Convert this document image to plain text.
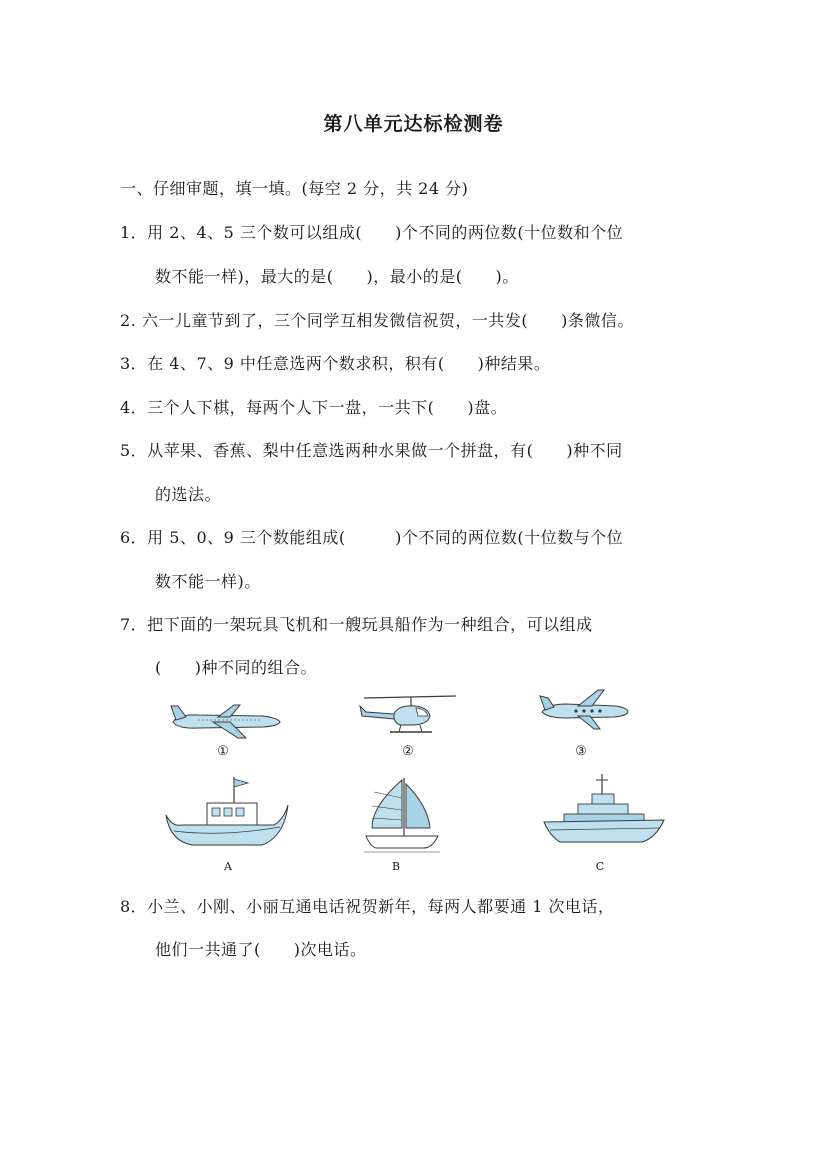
第八单元达标检测卷
一、仔细审题，填一填。(每空 2 分，共 24 分)
1．用 2、4、5 三个数可以组成(　　)个不同的两位数(十位数和个位
数不能一样)，最大的是(　　)，最小的是(　　)。
2. 六一儿童节到了，三个同学互相发微信祝贺，一共发(　　)条微信。
3．在 4、7、9 中任意选两个数求积，积有(　　)种结果。
4．三个人下棋，每两个人下一盘，一共下(　　)盘。
5．从苹果、香蕉、梨中任意选两种水果做一个拼盘，有(　　)种不同
的选法。
6．用 5、0、9 三个数能组成(　　　)个不同的两位数(十位数与个位
数不能一样)。
7．把下面的一架玩具飞机和一艘玩具船作为一种组合，可以组成
(　　)种不同的组合。
①	②	③
A	B	C
8．小兰、小刚、小丽互通电话祝贺新年，每两人都要通 1 次电话，
他们一共通了(　　)次电话。
